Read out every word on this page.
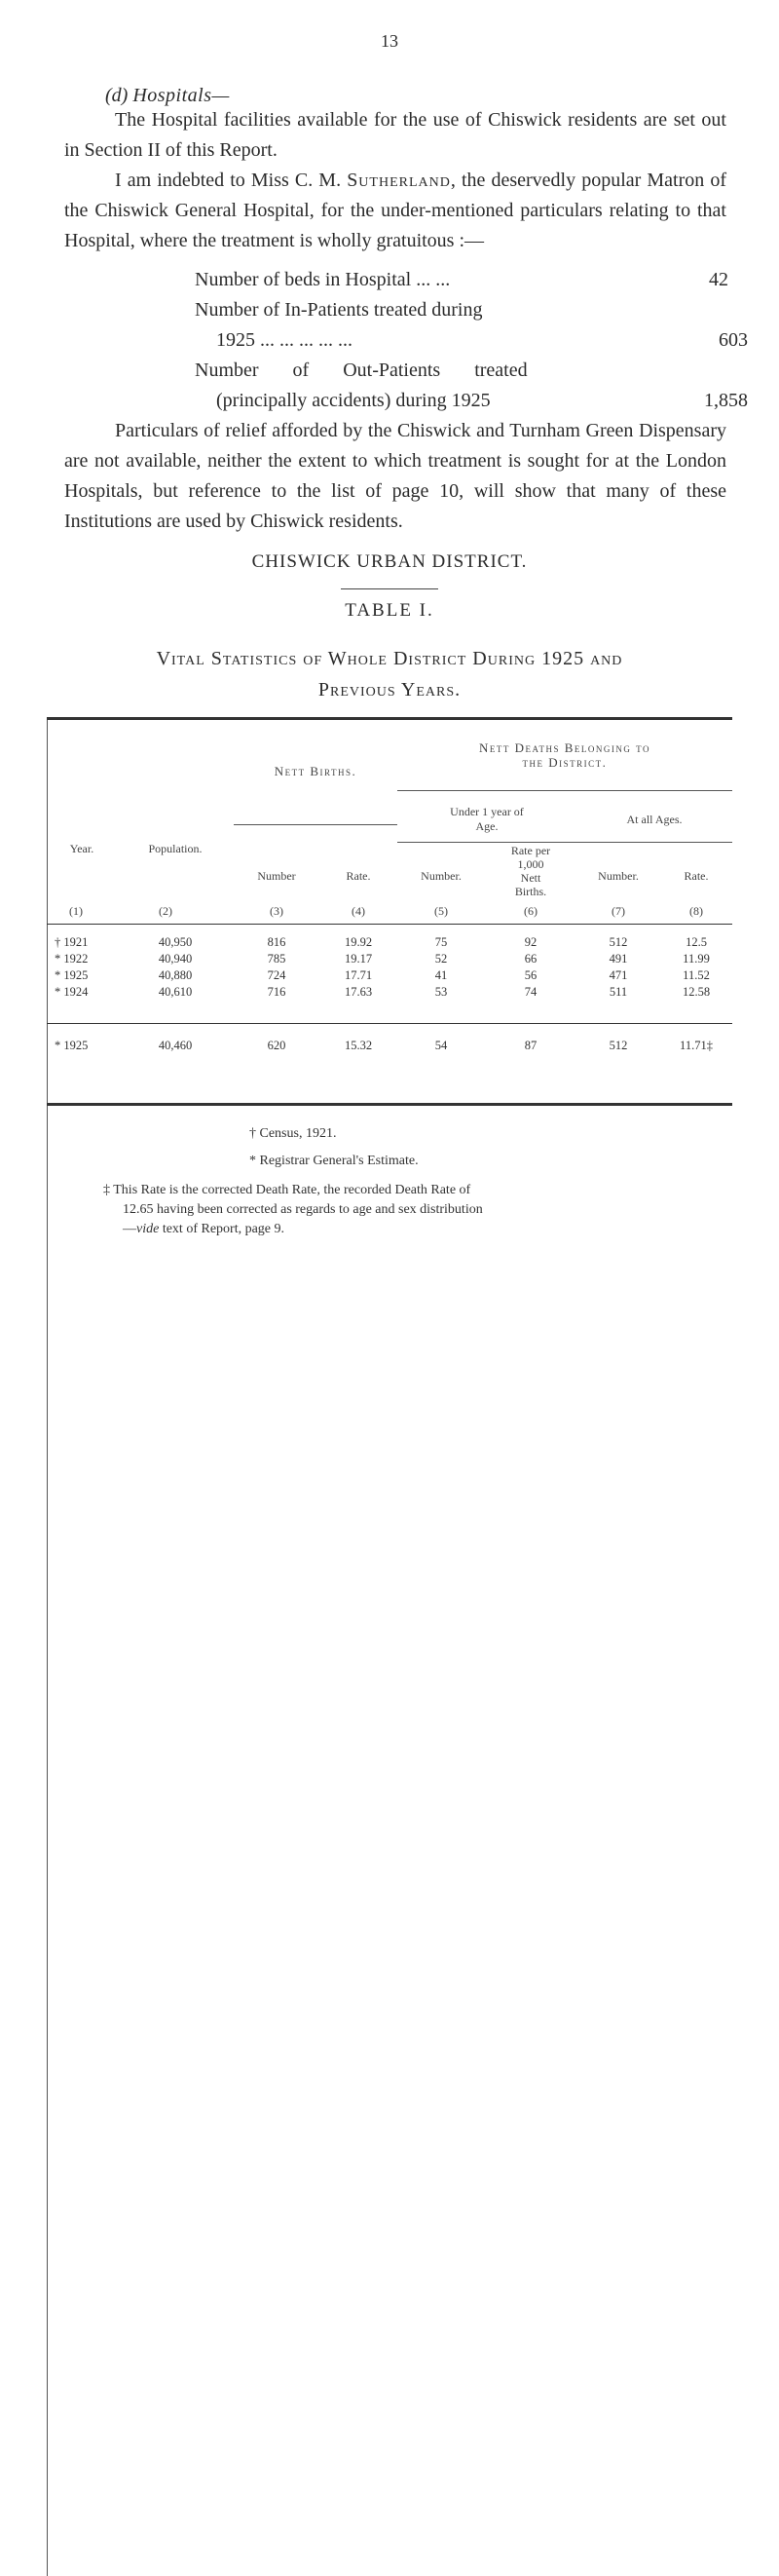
13
(d) Hospitals—

The Hospital facilities available for the use of Chiswick residents are set out in Section II of this Report.

I am indebted to Miss C. M. Sutherland, the deservedly popular Matron of the Chiswick General Hospital, for the under-mentioned particulars relating to that Hospital, where the treatment is wholly gratuitous :—

Number of beds in Hospital ... ...	42
Number of In-Patients treated during
1925 ... ... ... ... ...	603
Number of Out-Patients treated
(principally accidents) during 1925	1,858

Particulars of relief afforded by the Chiswick and Turnham Green Dispensary are not available, neither the extent to which treatment is sought for at the London Hospitals, but reference to the list of page 10, will show that many of these Institutions are used by Chiswick residents.

CHISWICK URBAN DISTRICT.
TABLE I.
Vital Statistics of Whole District During 1925 and
Previous Years.
Year.	Population.
Nett Births.
Nett Deaths Belonging to
the District.
Under 1 year of
Age.	At all Ages.
Number	Rate.	Number.
Rate per
1,000
Nett
Births.
Number.	Rate.
(1)	(2)	(3)	(4)	(5)	(6)	(7)	(8)
† 1921	40,950	816	19.92	75	92	512	12.5
* 1922	40,940	785	19.17	52	66	491	11.99
* 1925	40,880	724	17.71	41	56	471	11.52
* 1924	40,610	716	17.63	53	74	511	12.58
* 1925	40,460	620	15.32	54	87	512	11.71‡
† Census, 1921.
* Registrar General's Estimate.
‡ This Rate is the corrected Death Rate, the recorded Death Rate of
12.65 having been corrected as regards to age and sex distribution
—vide text of Report, page 9.
